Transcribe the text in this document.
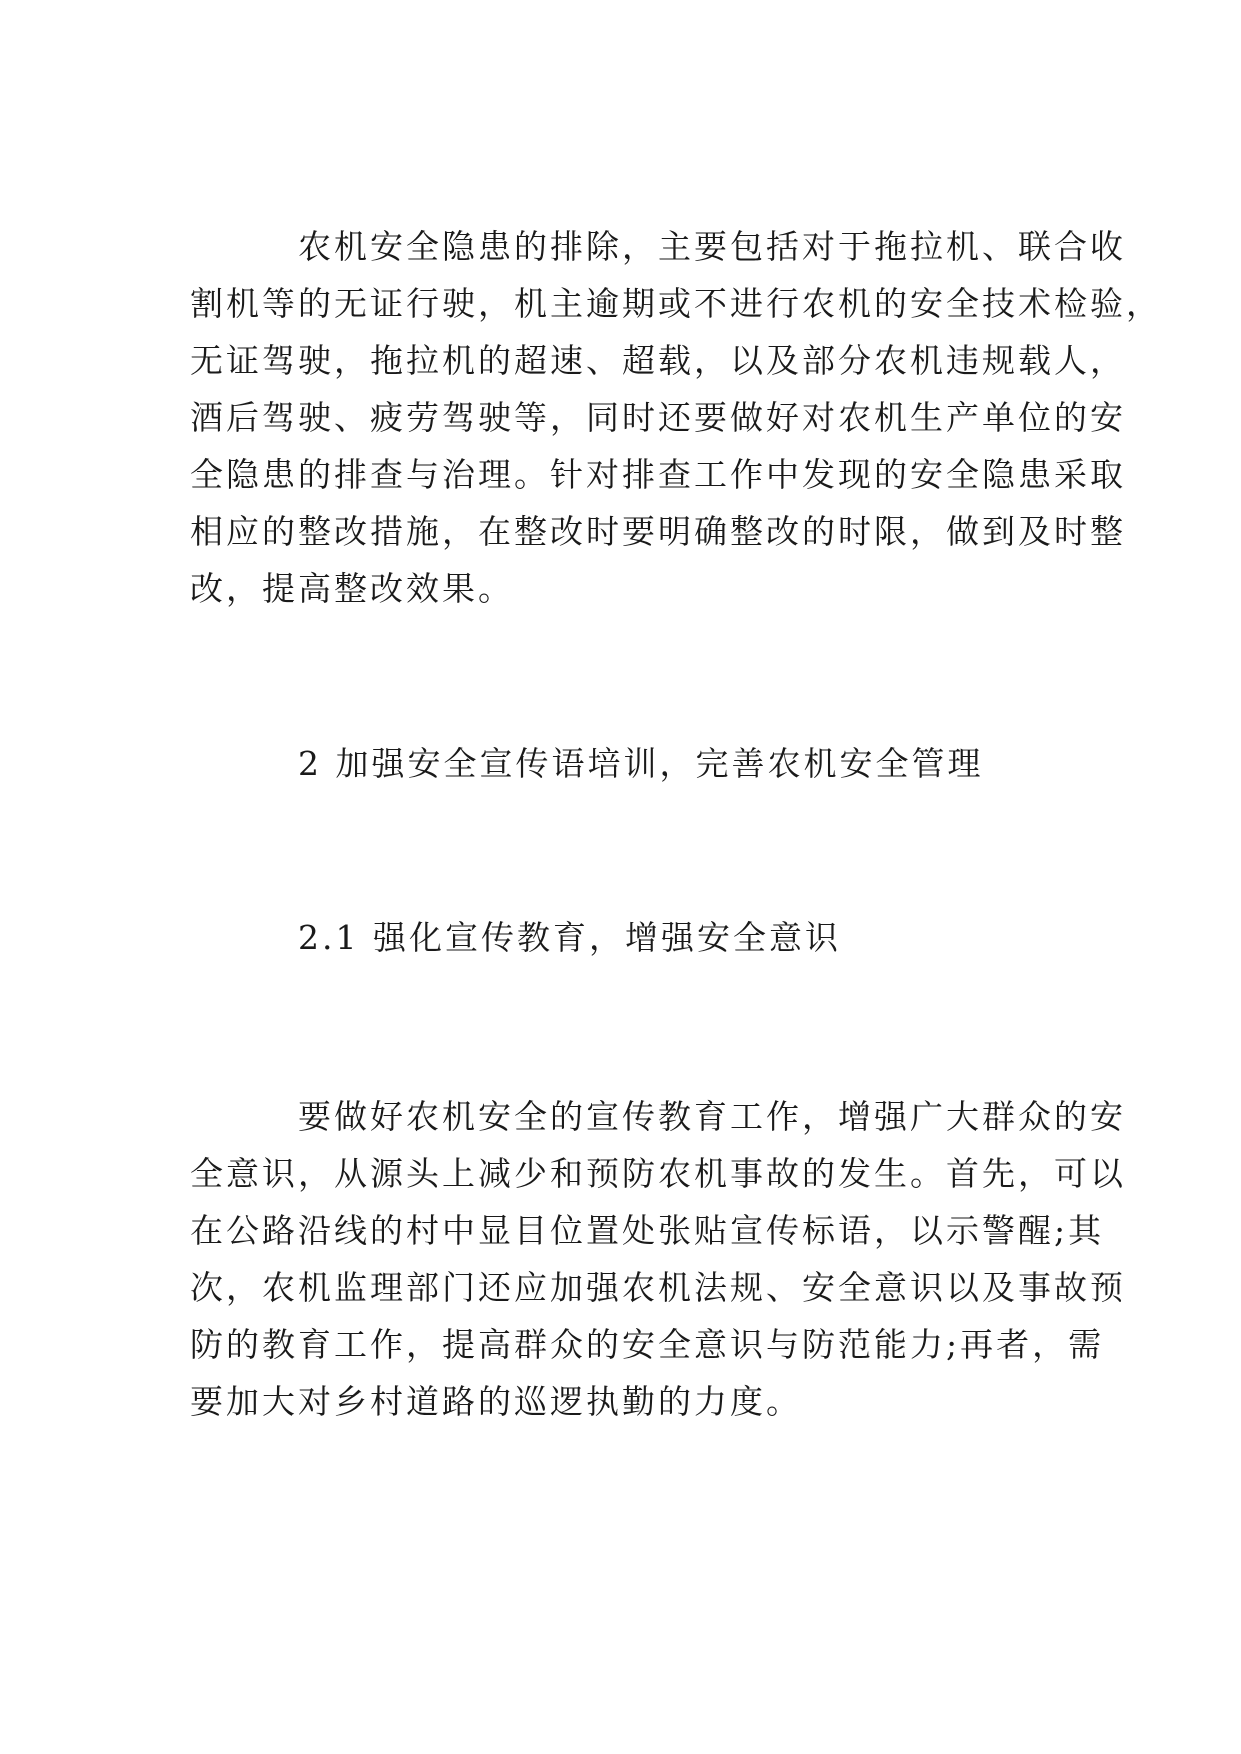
农机安全隐患的排除，主要包括对于拖拉机、联合收
割机等的无证行驶，机主逾期或不进行农机的安全技术检验，
无证驾驶，拖拉机的超速、超载，以及部分农机违规载人，
酒后驾驶、疲劳驾驶等，同时还要做好对农机生产单位的安
全隐患的排查与治理。针对排查工作中发现的安全隐患采取
相应的整改措施，在整改时要明确整改的时限，做到及时整
改，提高整改效果。
2 加强安全宣传语培训，完善农机安全管理
2.1 强化宣传教育，增强安全意识
要做好农机安全的宣传教育工作，增强广大群众的安
全意识，从源头上减少和预防农机事故的发生。首先，可以
在公路沿线的村中显目位置处张贴宣传标语，以示警醒;其
次，农机监理部门还应加强农机法规、安全意识以及事故预
防的教育工作，提高群众的安全意识与防范能力;再者，需
要加大对乡村道路的巡逻执勤的力度。
